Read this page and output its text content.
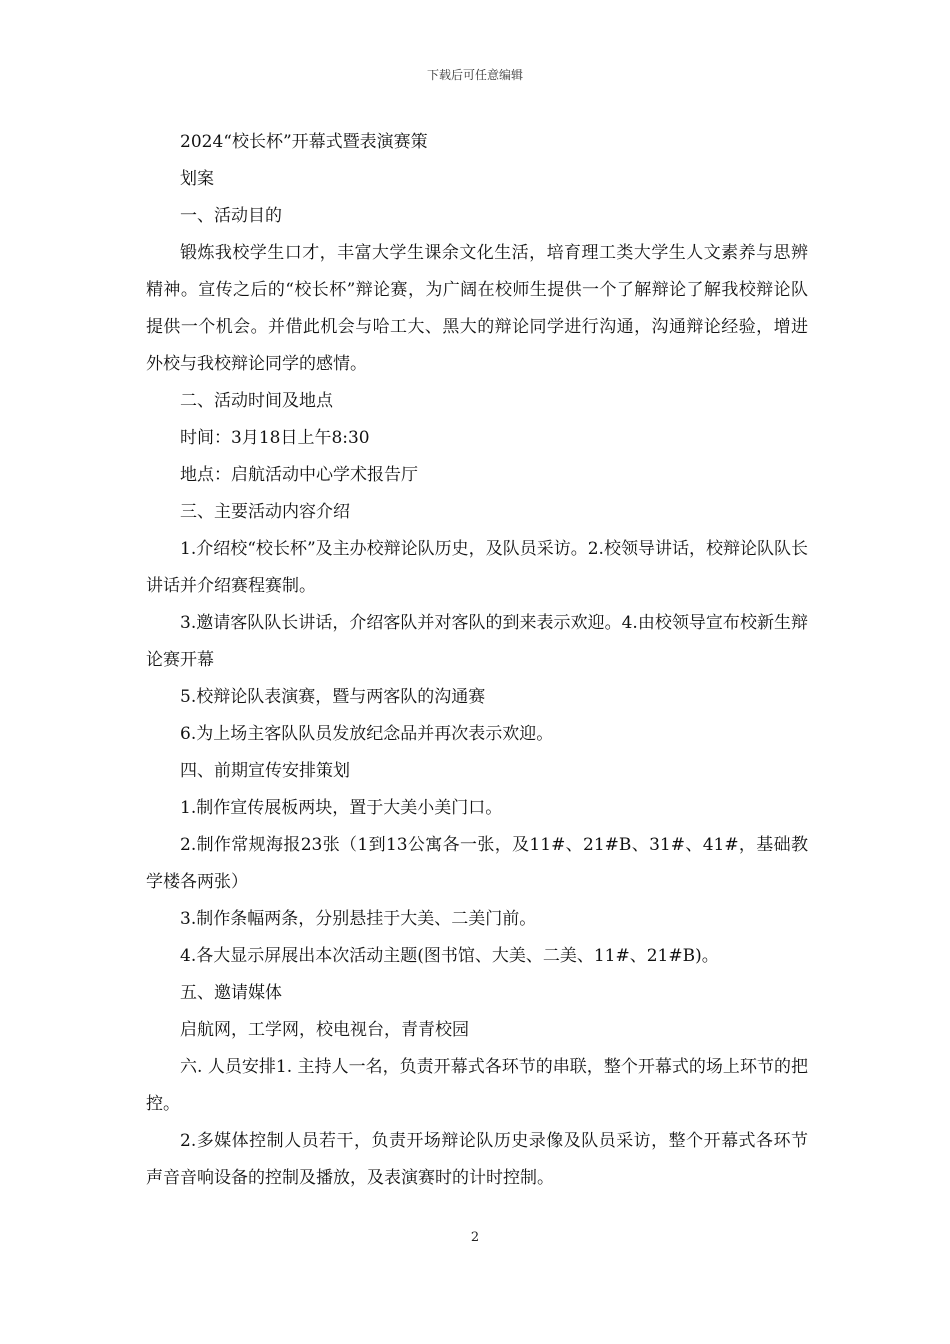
下载后可任意编辑

2024“校长杯”开幕式暨表演赛策

划案

一、活动目的

锻炼我校学生口才，丰富大学生课余文化生活，培育理工类大学生人文素养与思辨精神。宣传之后的“校长杯”辩论赛，为广阔在校师生提供一个了解辩论了解我校辩论队提供一个机会。并借此机会与哈工大、黑大的辩论同学进行沟通，沟通辩论经验，增进外校与我校辩论同学的感情。

二、活动时间及地点

时间：3月18日上午8:30

地点：启航活动中心学术报告厅

三、主要活动内容介绍

1.介绍校“校长杯”及主办校辩论队历史，及队员采访。2.校领导讲话，校辩论队队长讲话并介绍赛程赛制。

3.邀请客队队长讲话，介绍客队并对客队的到来表示欢迎。4.由校领导宣布校新生辩论赛开幕

5.校辩论队表演赛，暨与两客队的沟通赛

6.为上场主客队队员发放纪念品并再次表示欢迎。

四、前期宣传安排策划

1.制作宣传展板两块，置于大美小美门口。

2.制作常规海报23张（1到13公寓各一张，及11#、21#B、31#、41#，基础教学楼各两张）

3.制作条幅两条，分别悬挂于大美、二美门前。

4.各大显示屏展出本次活动主题(图书馆、大美、二美、11#、21#B)。

五、邀请媒体

启航网，工学网，校电视台，青青校园

六. 人员安排1. 主持人一名，负责开幕式各环节的串联，整个开幕式的场上环节的把控。

2.多媒体控制人员若干，负责开场辩论队历史录像及队员采访，整个开幕式各环节声音音响设备的控制及播放，及表演赛时的计时控制。

2
